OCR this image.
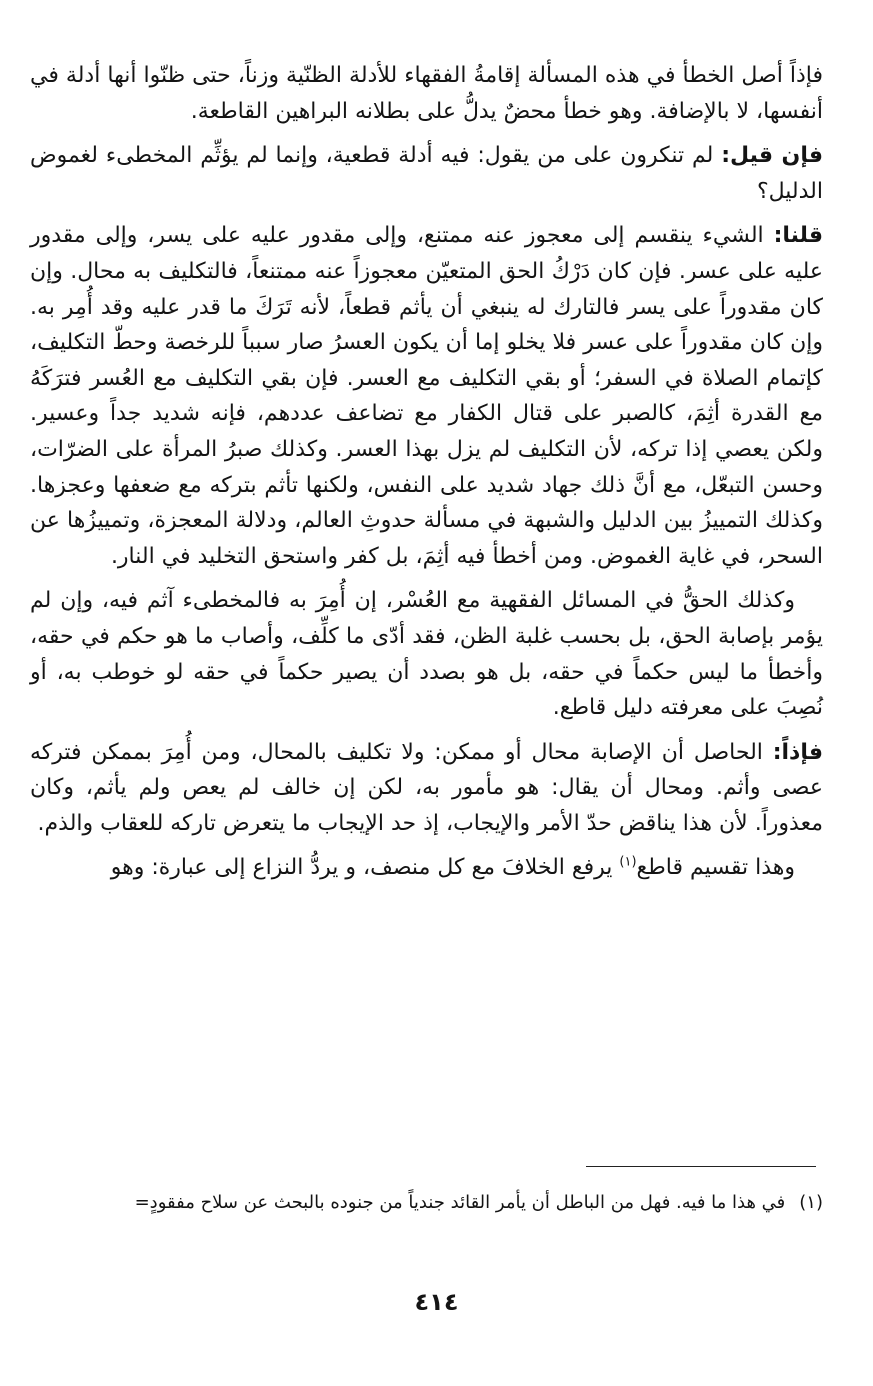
فإذاً أصل الخطأ في هذه المسألة إقامةُ الفقهاء للأدلة الظنّية وزناً، حتى ظنّوا أنها أدلة في أنفسها، لا بالإضافة. وهو خطأ محضٌ يدلُّ على بطلانه البراهين القاطعة.

فإن قيل: لم تنكرون على من يقول: فيه أدلة قطعية، وإنما لم يؤثِّم المخطىء لغموض الدليل؟

قلنا: الشيء ينقسم إلى معجوز عنه ممتنع، وإلى مقدور عليه على يسر، وإلى مقدور عليه على عسر. فإن كان دَرْكُ الحق المتعيّن معجوزاً عنه ممتنعاً، فالتكليف به محال. وإن كان مقدوراً على يسر فالتارك له ينبغي أن يأثم قطعاً، لأنه تَرَكَ ما قدر عليه وقد أُمِر به. وإن كان مقدوراً على عسر فلا يخلو إما أن يكون العسرُ صار سبباً للرخصة وحطّ التكليف، كإتمام الصلاة في السفر؛ أو بقي التكليف مع العسر. فإن بقي التكليف مع العُسر فترَكَهُ مع القدرة أثِمَ، كالصبر على قتال الكفار مع تضاعف عددهم، فإنه شديد جداً وعسير. ولكن يعصي إذا تركه، لأن التكليف لم يزل بهذا العسر. وكذلك صبرُ المرأة على الضرّات، وحسن التبعّل، مع أنَّ ذلك جهاد شديد على النفس، ولكنها تأثم بتركه مع ضعفها وعجزها. وكذلك التمييزُ بين الدليل والشبهة في مسألة حدوثِ العالم، ودلالة المعجزة، وتمييزُها عن السحر، في غاية الغموض. ومن أخطأ فيه أثِمَ، بل كفر واستحق التخليد في النار.

وكذلك الحقُّ في المسائل الفقهية مع العُسْر، إن أُمِرَ به فالمخطىء آثم فيه، وإن لم يؤمر بإصابة الحق، بل بحسب غلبة الظن، فقد أدّى ما كلِّف، وأصاب ما هو حكم في حقه، وأخطأ ما ليس حكماً في حقه، بل هو بصدد أن يصير حكماً في حقه لو خوطب به، أو نُصِبَ على معرفته دليل قاطع.

فإذاً: الحاصل أن الإصابة محال أو ممكن: ولا تكليف بالمحال، ومن أُمِرَ بممكن فتركه عصى وأثم. ومحال أن يقال: هو مأمور به، لكن إن خالف لم يعص ولم يأثم، وكان معذوراً. لأن هذا يناقض حدّ الأمر والإيجاب، إذ حد الإيجاب ما يتعرض تاركه للعقاب والذم.

وهذا تقسيم قاطع$^{(١)}$ يرفع الخلافَ مع كل منصف، و يردُّ النزاع إلى عبارة: وهو

(١)في هذا ما فيه. فهل من الباطل أن يأمر القائد جندياً من جنوده بالبحث عن سلاح مفقودٍ=
٤١٤
